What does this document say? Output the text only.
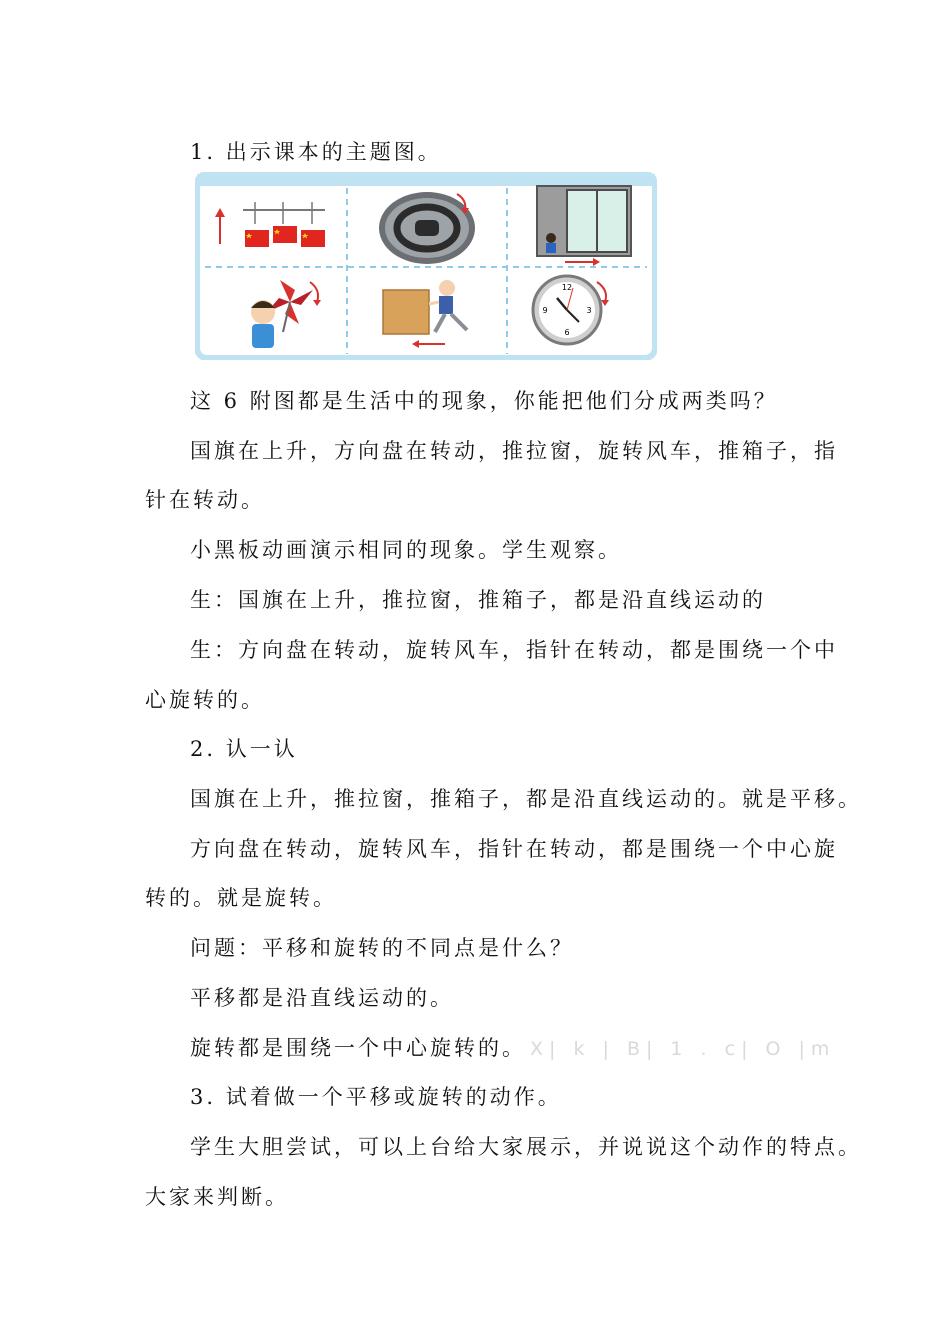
1. 出示课本的主题图。
12
3
6
9
这 6 附图都是生活中的现象，你能把他们分成两类吗？
国旗在上升，方向盘在转动，推拉窗，旋转风车，推箱子，指
针在转动。
小黑板动画演示相同的现象。学生观察。
生：国旗在上升，推拉窗，推箱子，都是沿直线运动的
生：方向盘在转动，旋转风车，指针在转动，都是围绕一个中
心旋转的。
2. 认一认
国旗在上升，推拉窗，推箱子，都是沿直线运动的。就是平移。
方向盘在转动，旋转风车，指针在转动，都是围绕一个中心旋
转的。就是旋转。
问题：平移和旋转的不同点是什么？
平移都是沿直线运动的。
旋转都是围绕一个中心旋转的。 X| k | B| 1 . c| O |m
3. 试着做一个平移或旋转的动作。
学生大胆尝试，可以上台给大家展示，并说说这个动作的特点。
大家来判断。
